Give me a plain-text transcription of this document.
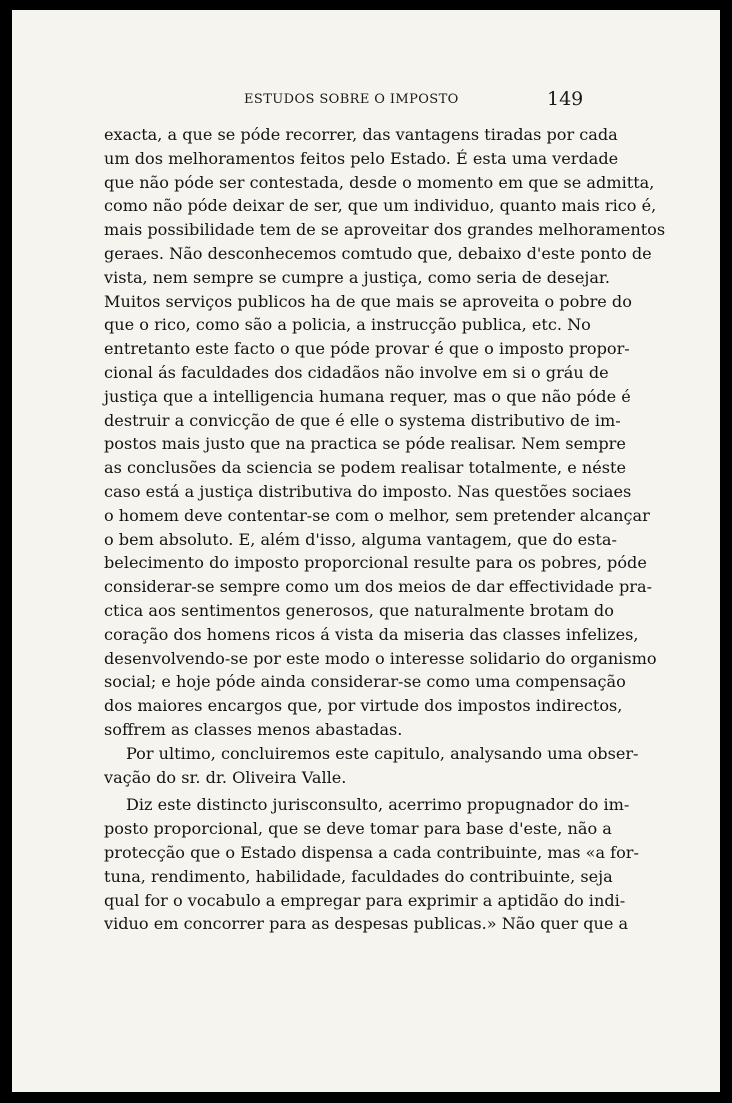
ESTUDOS SOBRE O IMPOSTO	149
exacta, a que se póde recorrer, das vantagens tiradas por cada
um dos melhoramentos feitos pelo Estado. É esta uma verdade
que não póde ser contestada, desde o momento em que se admitta,
como não póde deixar de ser, que um individuo, quanto mais rico é,
mais possibilidade tem de se aproveitar dos grandes melhoramentos
geraes. Não desconhecemos comtudo que, debaixo d'este ponto de
vista, nem sempre se cumpre a justiça, como seria de desejar.
Muitos serviços publicos ha de que mais se aproveita o pobre do
que o rico, como são a policia, a instrucção publica, etc. No
entretanto este facto o que póde provar é que o imposto propor-
cional ás faculdades dos cidadãos não involve em si o gráu de
justiça que a intelligencia humana requer, mas o que não póde é
destruir a convicção de que é elle o systema distributivo de im-
postos mais justo que na practica se póde realisar. Nem sempre
as conclusões da sciencia se podem realisar totalmente, e néste
caso está a justiça distributiva do imposto. Nas questões sociaes
o homem deve contentar-se com o melhor, sem pretender alcançar
o bem absoluto. E, além d'isso, alguma vantagem, que do esta-
belecimento do imposto proporcional resulte para os pobres, póde
considerar-se sempre como um dos meios de dar effectividade pra-
ctica aos sentimentos generosos, que naturalmente brotam do
coração dos homens ricos á vista da miseria das classes infelizes,
desenvolvendo-se por este modo o interesse solidario do organismo
social; e hoje póde ainda considerar-se como uma compensação
dos maiores encargos que, por virtude dos impostos indirectos,
soffrem as classes menos abastadas.
Por ultimo, concluiremos este capitulo, analysando uma obser-
vação do sr. dr. Oliveira Valle.
Diz este distincto jurisconsulto, acerrimo propugnador do im-
posto proporcional, que se deve tomar para base d'este, não a
protecção que o Estado dispensa a cada contribuinte, mas «a for-
tuna, rendimento, habilidade, faculdades do contribuinte, seja
qual for o vocabulo a empregar para exprimir a aptidão do indi-
viduo em concorrer para as despesas publicas.» Não quer que a
